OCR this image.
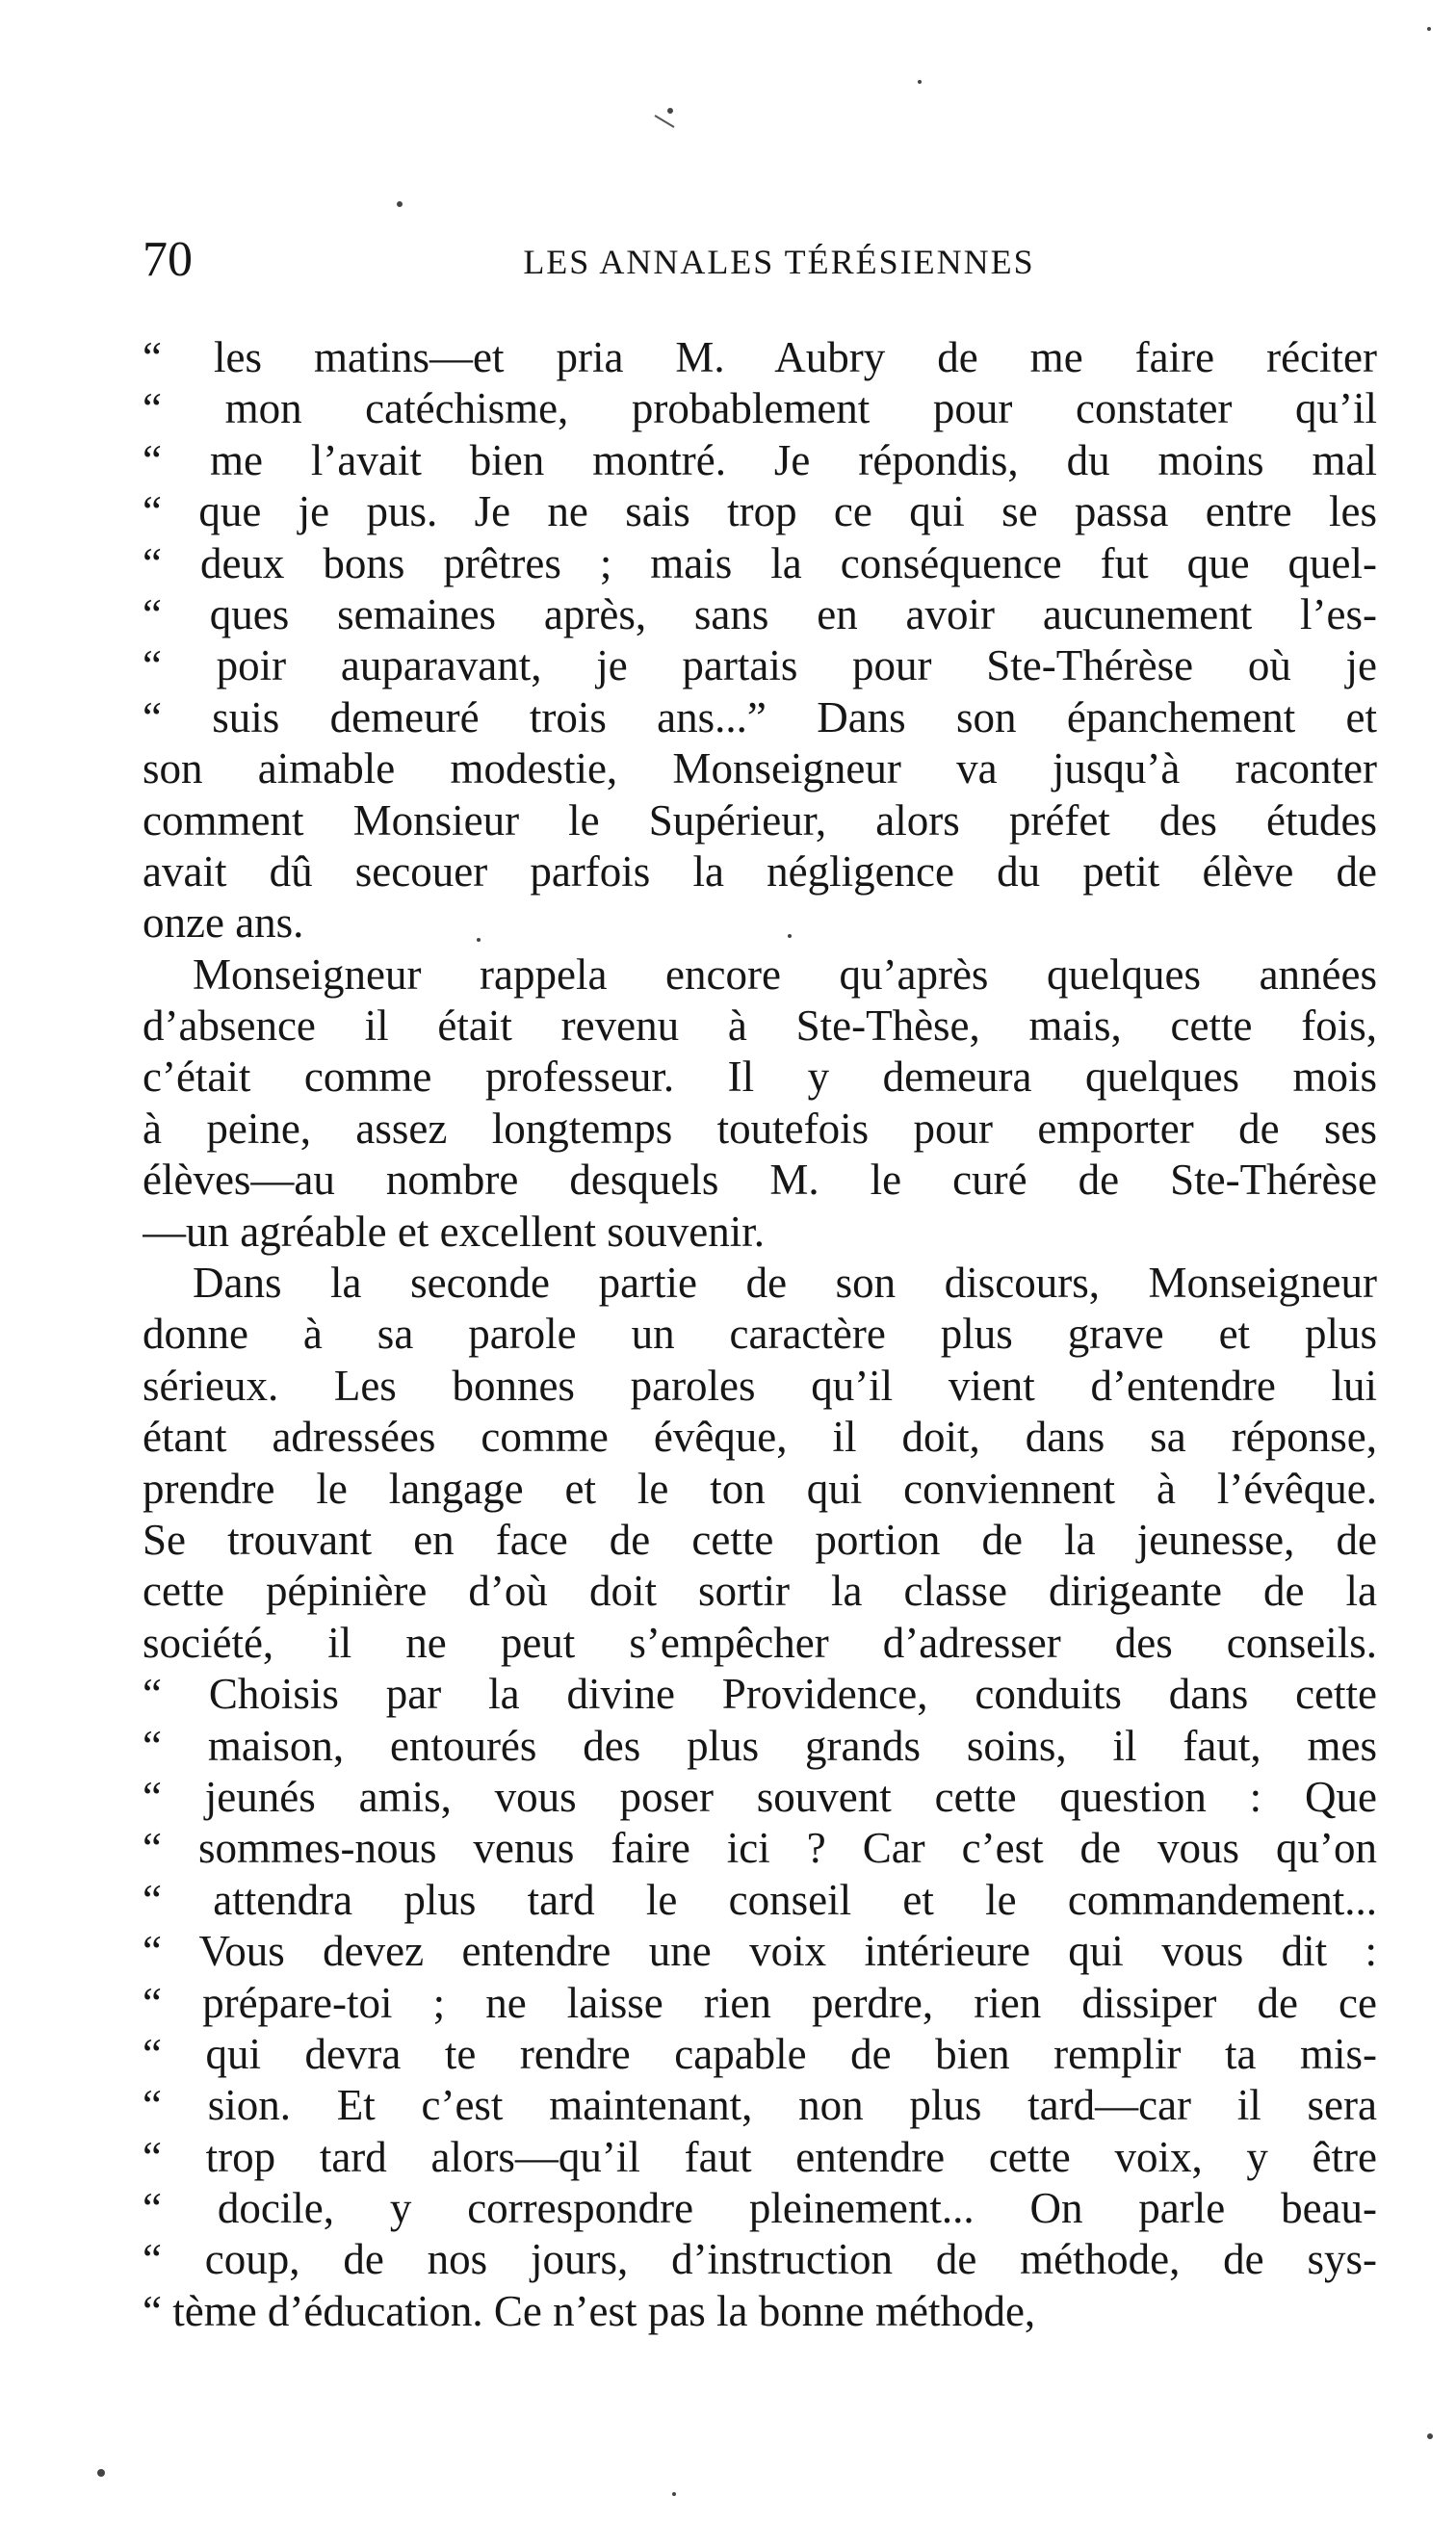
70	LES ANNALES TÉRÉSIENNES
“ les matins—et pria M. Aubry de me faire réciter
“ mon catéchisme, probablement pour constater qu’il
“ me l’avait bien montré. Je répondis, du moins mal
“ que je pus. Je ne sais trop ce qui se passa entre les
“ deux bons prêtres ; mais la conséquence fut que quel-
“ ques semaines après, sans en avoir aucunement l’es-
“ poir auparavant, je partais pour Ste-Thérèse où je
“ suis demeuré trois ans...” Dans son épanchement et
son aimable modestie, Monseigneur va jusqu’à raconter
comment Monsieur le Supérieur, alors préfet des études
avait dû secouer parfois la négligence du petit élève de
onze ans.
Monseigneur rappela encore qu’après quelques années
d’absence il était revenu à Ste-Thèse, mais, cette fois,
c’était comme professeur. Il y demeura quelques mois
à peine, assez longtemps toutefois pour emporter de ses
élèves—au nombre desquels M. le curé de Ste-Thérèse
—un agréable et excellent souvenir.
Dans la seconde partie de son discours, Monseigneur
donne à sa parole un caractère plus grave et plus
sérieux. Les bonnes paroles qu’il vient d’entendre lui
étant adressées comme évêque, il doit, dans sa réponse,
prendre le langage et le ton qui conviennent à l’évêque.
Se trouvant en face de cette portion de la jeunesse, de
cette pépinière d’où doit sortir la classe dirigeante de la
société, il ne peut s’empêcher d’adresser des conseils.
“ Choisis par la divine Providence, conduits dans cette
“ maison, entourés des plus grands soins, il faut, mes
“ jeunés amis, vous poser souvent cette question : Que
“ sommes-nous venus faire ici ? Car c’est de vous qu’on
“ attendra plus tard le conseil et le commandement...
“ Vous devez entendre une voix intérieure qui vous dit :
“ prépare-toi ; ne laisse rien perdre, rien dissiper de ce
“ qui devra te rendre capable de bien remplir ta mis-
“ sion. Et c’est maintenant, non plus tard—car il sera
“ trop tard alors—qu’il faut entendre cette voix, y être
“ docile, y correspondre pleinement... On parle beau-
“ coup, de nos jours, d’instruction de méthode, de sys-
“ tème d’éducation. Ce n’est pas la bonne méthode,
